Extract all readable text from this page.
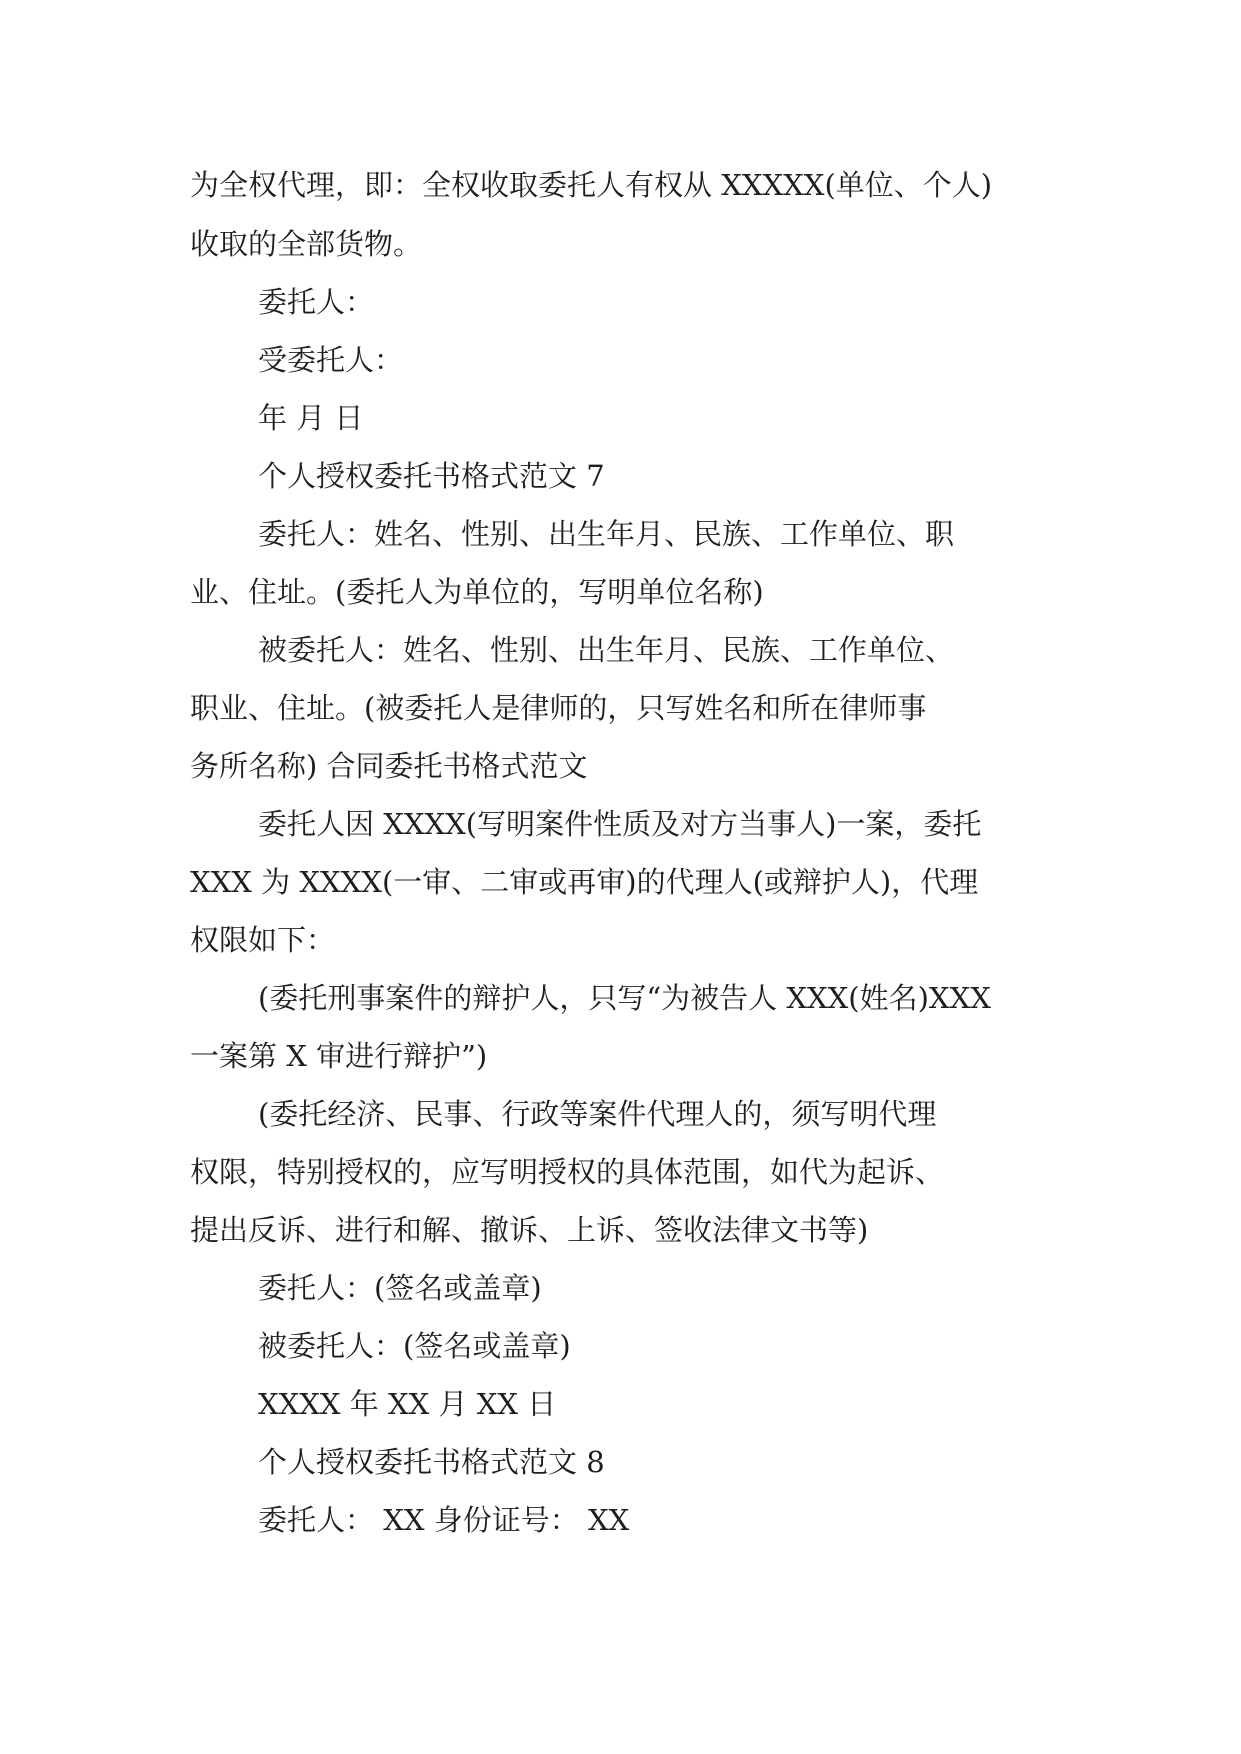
为全权代理，即：全权收取委托人有权从 XXXXX(单位、个人)

收取的全部货物。

委托人：

受委托人：

年 月 日

个人授权委托书格式范文 7

委托人：姓名、性别、出生年月、民族、工作单位、职

业、住址。(委托人为单位的，写明单位名称)

被委托人：姓名、性别、出生年月、民族、工作单位、

职业、住址。(被委托人是律师的，只写姓名和所在律师事

务所名称) 合同委托书格式范文

委托人因 XXXX(写明案件性质及对方当事人)一案，委托

XXX 为 XXXX(一审、二审或再审)的代理人(或辩护人)，代理

权限如下：

(委托刑事案件的辩护人，只写“为被告人 XXX(姓名)XXX

一案第 X 审进行辩护”)

(委托经济、民事、行政等案件代理人的，须写明代理

权限，特别授权的，应写明授权的具体范围，如代为起诉、

提出反诉、进行和解、撤诉、上诉、签收法律文书等)

委托人：(签名或盖章)

被委托人：(签名或盖章)

XXXX 年 XX 月 XX 日

个人授权委托书格式范文 8

委托人： XX 身份证号： XX
